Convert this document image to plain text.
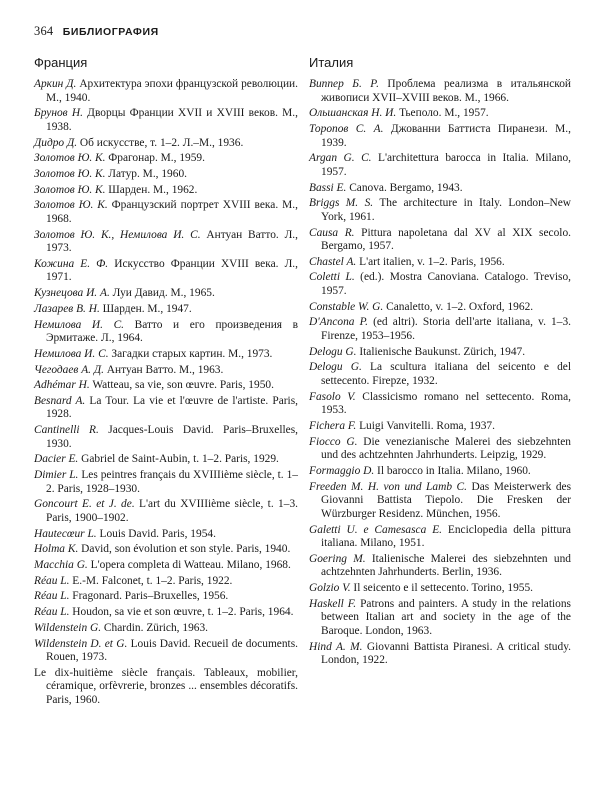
364 БИБЛИОГРАФИЯ
Франция
Аркин Д. Архитектура эпохи французской революции. М., 1940.
Брунов Н. Дворцы Франции XVII и XVIII веков. М., 1938.
Дидро Д. Об искусстве, т. 1–2. Л.–М., 1936.
Золотов Ю. К. Фрагонар. М., 1959.
Золотов Ю. К. Латур. М., 1960.
Золотов Ю. К. Шарден. М., 1962.
Золотов Ю. К. Французский портрет XVIII века. М., 1968.
Золотов Ю. К., Немилова И. С. Антуан Ватто. Л., 1973.
Кожина Е. Ф. Искусство Франции XVIII века. Л., 1971.
Кузнецова И. А. Луи Давид. М., 1965.
Лазарев В. Н. Шарден. М., 1947.
Немилова И. С. Ватто и его произведения в Эрмитаже. Л., 1964.
Немилова И. С. Загадки старых картин. М., 1973.
Чегодаев А. Д. Антуан Ватто. М., 1963.
Adhémar H. Watteau, sa vie, son œuvre. Paris, 1950.
Besnard A. La Tour. La vie et l'œuvre de l'artiste. Paris, 1928.
Cantinelli R. Jacques-Louis David. Paris–Bruxelles, 1930.
Dacier E. Gabriel de Saint-Aubin, t. 1–2. Paris, 1929.
Dimier L. Les peintres français du XVIIIième siècle, t. 1–2. Paris, 1928–1930.
Goncourt E. et J. de. L'art du XVIIIième siècle, t. 1–3. Paris, 1900–1902.
Hautecœur L. Louis David. Paris, 1954.
Holma K. David, son évolution et son style. Paris, 1940.
Macchia G. L'opera completa di Watteau. Milano, 1968.
Réau L. E.-M. Falconet, t. 1–2. Paris, 1922.
Réau L. Fragonard. Paris–Bruxelles, 1956.
Réau L. Houdon, sa vie et son œuvre, t. 1–2. Paris, 1964.
Wildenstein G. Chardin. Zürich, 1963.
Wildenstein D. et G. Louis David. Recueil de documents. Rouen, 1973.
Le dix-huitième siècle français. Tableaux, mobilier, céramique, orfèvrerie, bronzes ... ensembles décoratifs. Paris, 1960.
Италия
Виппер Б. Р. Проблема реализма в итальянской живописи XVII–XVIII веков. М., 1966.
Ольшанская Н. И. Тьеполо. М., 1957.
Торопов С. А. Джованни Баттиста Пиранези. М., 1939.
Argan G. C. L'architettura barocca in Italia. Milano, 1957.
Bassi E. Canova. Bergamo, 1943.
Briggs M. S. The architecture in Italy. London–New York, 1961.
Causa R. Pittura napoletana dal XV al XIX secolo. Bergamo, 1957.
Chastel A. L'art italien, v. 1–2. Paris, 1956.
Coletti L. (ed.). Mostra Canoviana. Catalogo. Treviso, 1957.
Constable W. G. Canaletto, v. 1–2. Oxford, 1962.
D'Ancona P. (ed altri). Storia dell'arte italiana, v. 1–3. Firenze, 1953–1956.
Delogu G. Italienische Baukunst. Zürich, 1947.
Delogu G. La scultura italiana del seicento e del settecento. Firepze, 1932.
Fasolo V. Classicismo romano nel settecento. Roma, 1953.
Fichera F. Luigi Vanvitelli. Roma, 1937.
Fiocco G. Die venezianische Malerei des siebzehnten und des achtzehnten Jahrhunderts. Leipzig, 1929.
Formaggio D. Il barocco in Italia. Milano, 1960.
Freeden M. H. von und Lamb C. Das Meisterwerk des Giovanni Battista Tiepolo. Die Fresken der Würzburger Residenz. München, 1956.
Galetti U. e Camesasca E. Enciclopedia della pittura italiana. Milano, 1951.
Goering M. Italienische Malerei des siebzehnten und achtzehnten Jahrhunderts. Berlin, 1936.
Golzio V. Il seicento e il settecento. Torino, 1955.
Haskell F. Patrons and painters. A study in the relations between Italian art and society in the age of the Baroque. London, 1963.
Hind A. M. Giovanni Battista Piranesi. A critical study. London, 1922.
